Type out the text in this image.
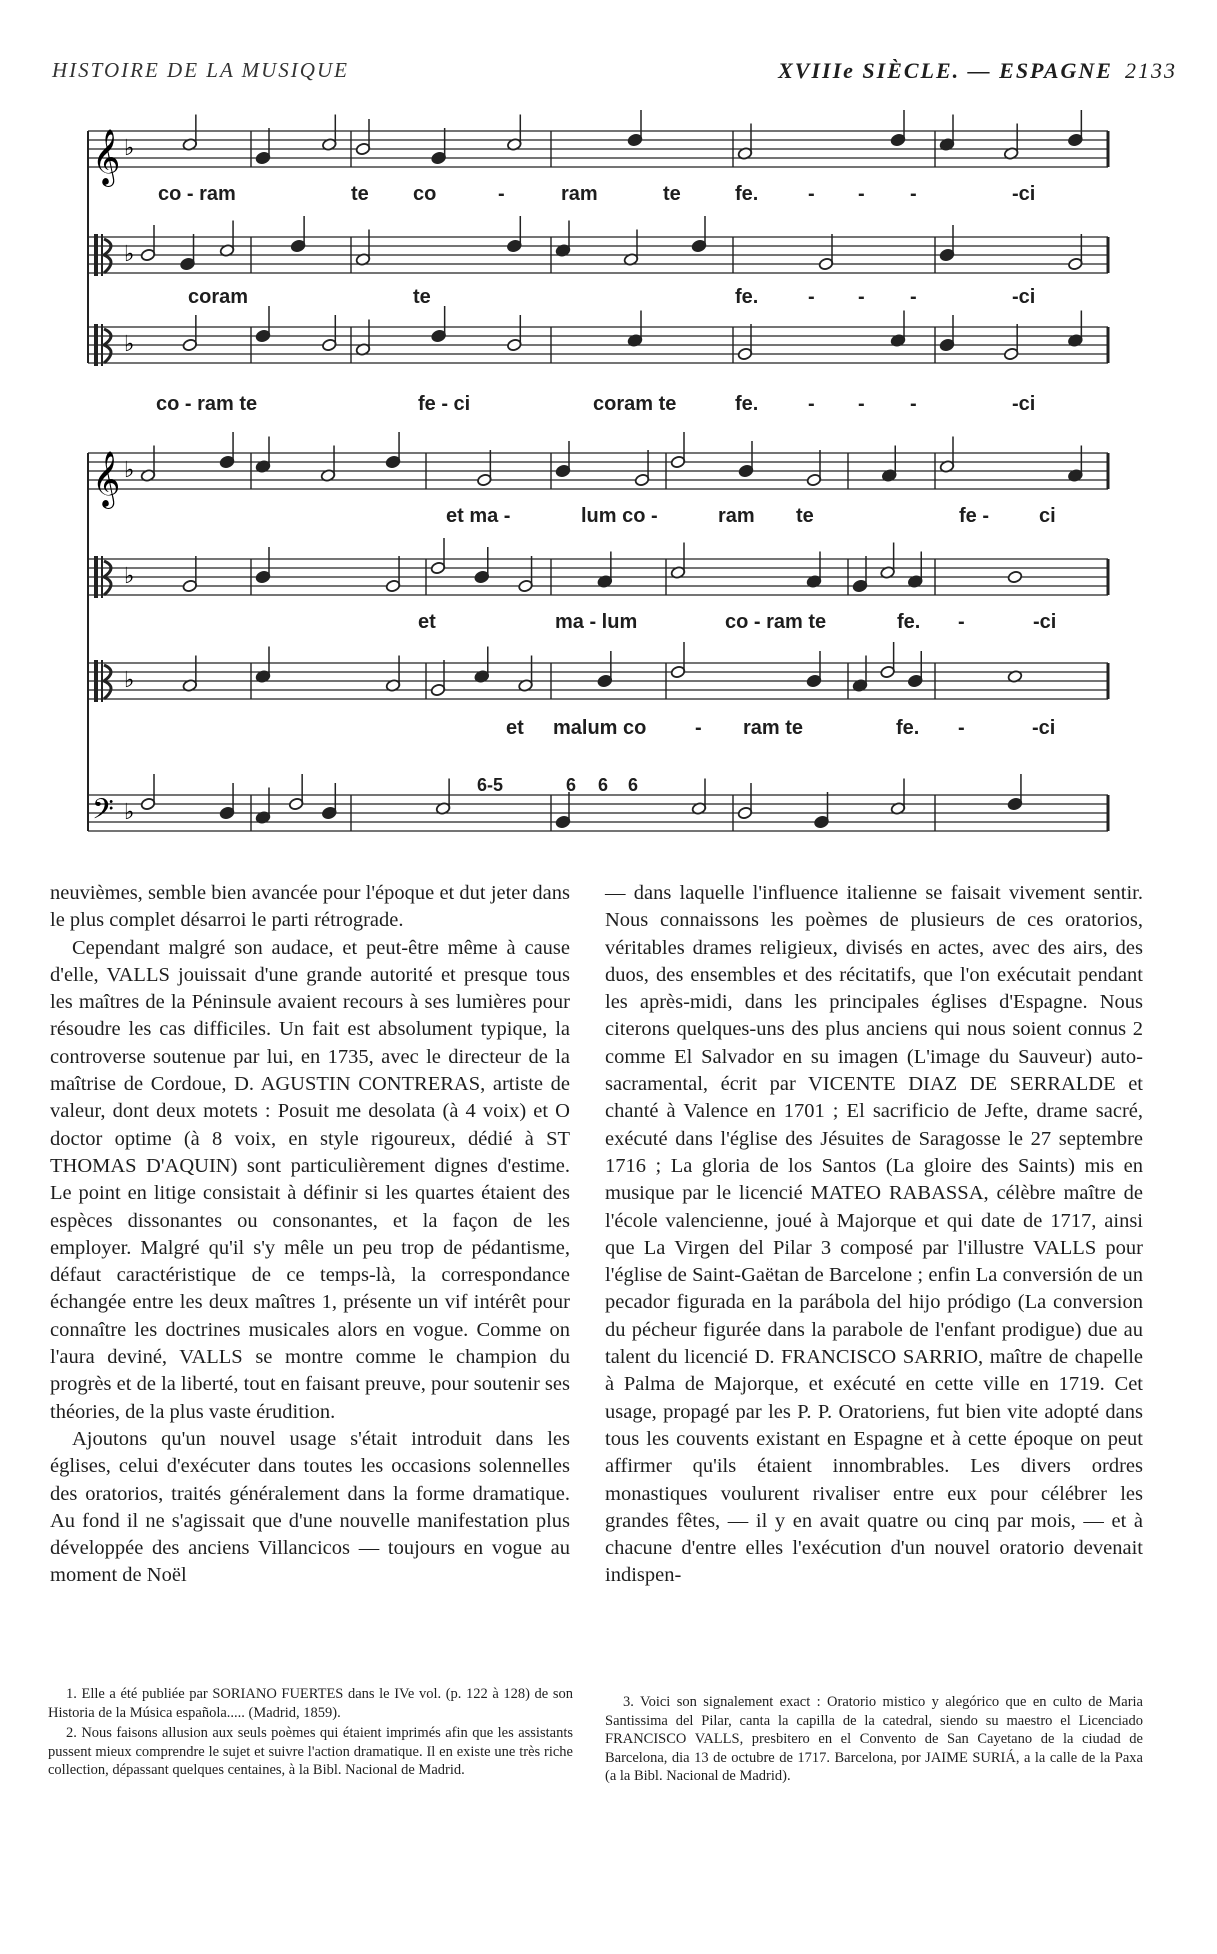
HISTOIRE DE LA MUSIQUE	XVIIIe SIÈCLE. — ESPAGNE 2133
𝄞 ♭
♭
♭
𝄞 ♭
♭
♭
𝄢 ♭
co - ram	te co	-	ram	te	fe. - - -	-ci
coram	te	fe. - - -	-ci
co - ram te	fe - ci	coram te	fe. - - -	-ci
et ma -	lum co -	ram te	fe -	ci
et	ma - lum	co - ram te	fe. -	-ci
et malum co - ram te	fe. -	-ci
6-5	6 6 6

neuvièmes, semble bien avancée pour l'époque et dut jeter dans le plus complet désarroi le parti rétrograde.

Cependant malgré son audace, et peut-être même à cause d'elle, VALLS jouissait d'une grande autorité et presque tous les maîtres de la Péninsule avaient recours à ses lumières pour résoudre les cas difficiles. Un fait est absolument typique, la controverse soutenue par lui, en 1735, avec le directeur de la maîtrise de Cordoue, D. AGUSTIN CONTRERAS, artiste de valeur, dont deux motets : Posuit me desolata (à 4 voix) et O doctor optime (à 8 voix, en style rigoureux, dédié à ST THOMAS D'AQUIN) sont particulièrement dignes d'estime. Le point en litige consistait à définir si les quartes étaient des espèces dissonantes ou consonantes, et la façon de les employer. Malgré qu'il s'y mêle un peu trop de pédantisme, défaut caractéristique de ce temps-là, la correspondance échangée entre les deux maîtres 1, présente un vif intérêt pour connaître les doctrines musicales alors en vogue. Comme on l'aura deviné, VALLS se montre comme le champion du progrès et de la liberté, tout en faisant preuve, pour soutenir ses théories, de la plus vaste érudition.

Ajoutons qu'un nouvel usage s'était introduit dans les églises, celui d'exécuter dans toutes les occasions solennelles des oratorios, traités généralement dans la forme dramatique. Au fond il ne s'agissait que d'une nouvelle manifestation plus développée des anciens Villancicos — toujours en vogue au moment de Noël

— dans laquelle l'influence italienne se faisait vivement sentir. Nous connaissons les poèmes de plusieurs de ces oratorios, véritables drames religieux, divisés en actes, avec des airs, des duos, des ensembles et des récitatifs, que l'on exécutait pendant les après-midi, dans les principales églises d'Espagne. Nous citerons quelques-uns des plus anciens qui nous soient connus 2 comme El Salvador en su imagen (L'image du Sauveur) auto-sacramental, écrit par VICENTE DIAZ DE SERRALDE et chanté à Valence en 1701 ; El sacrificio de Jefte, drame sacré, exécuté dans l'église des Jésuites de Saragosse le 27 septembre 1716 ; La gloria de los Santos (La gloire des Saints) mis en musique par le licencié MATEO RABASSA, célèbre maître de l'école valencienne, joué à Majorque et qui date de 1717, ainsi que La Virgen del Pilar 3 composé par l'illustre VALLS pour l'église de Saint-Gaëtan de Barcelone ; enfin La conversión de un pecador figurada en la parábola del hijo pródigo (La conversion du pécheur figurée dans la parabole de l'enfant prodigue) due au talent du licencié D. FRANCISCO SARRIO, maître de chapelle à Palma de Majorque, et exécuté en cette ville en 1719. Cet usage, propagé par les P. P. Oratoriens, fut bien vite adopté dans tous les couvents existant en Espagne et à cette époque on peut affirmer qu'ils étaient innombrables. Les divers ordres monastiques voulurent rivaliser entre eux pour célébrer les grandes fêtes, — il y en avait quatre ou cinq par mois, — et à chacune d'entre elles l'exécution d'un nouvel oratorio devenait indispen-

1. Elle a été publiée par SORIANO FUERTES dans le IVe vol. (p. 122 à 128) de son Historia de la Música española..... (Madrid, 1859).

2. Nous faisons allusion aux seuls poèmes qui étaient imprimés afin que les assistants pussent mieux comprendre le sujet et suivre l'action dramatique. Il en existe une très riche collection, dépassant quelques centaines, à la Bibl. Nacional de Madrid.

3. Voici son signalement exact : Oratorio mistico y alegórico que en culto de Maria Santissima del Pilar, canta la capilla de la catedral, siendo su maestro el Licenciado FRANCISCO VALLS, presbitero en el Convento de San Cayetano de la ciudad de Barcelona, dia 13 de octubre de 1717. Barcelona, por JAIME SURIÁ, a la calle de la Paxa (a la Bibl. Nacional de Madrid).
